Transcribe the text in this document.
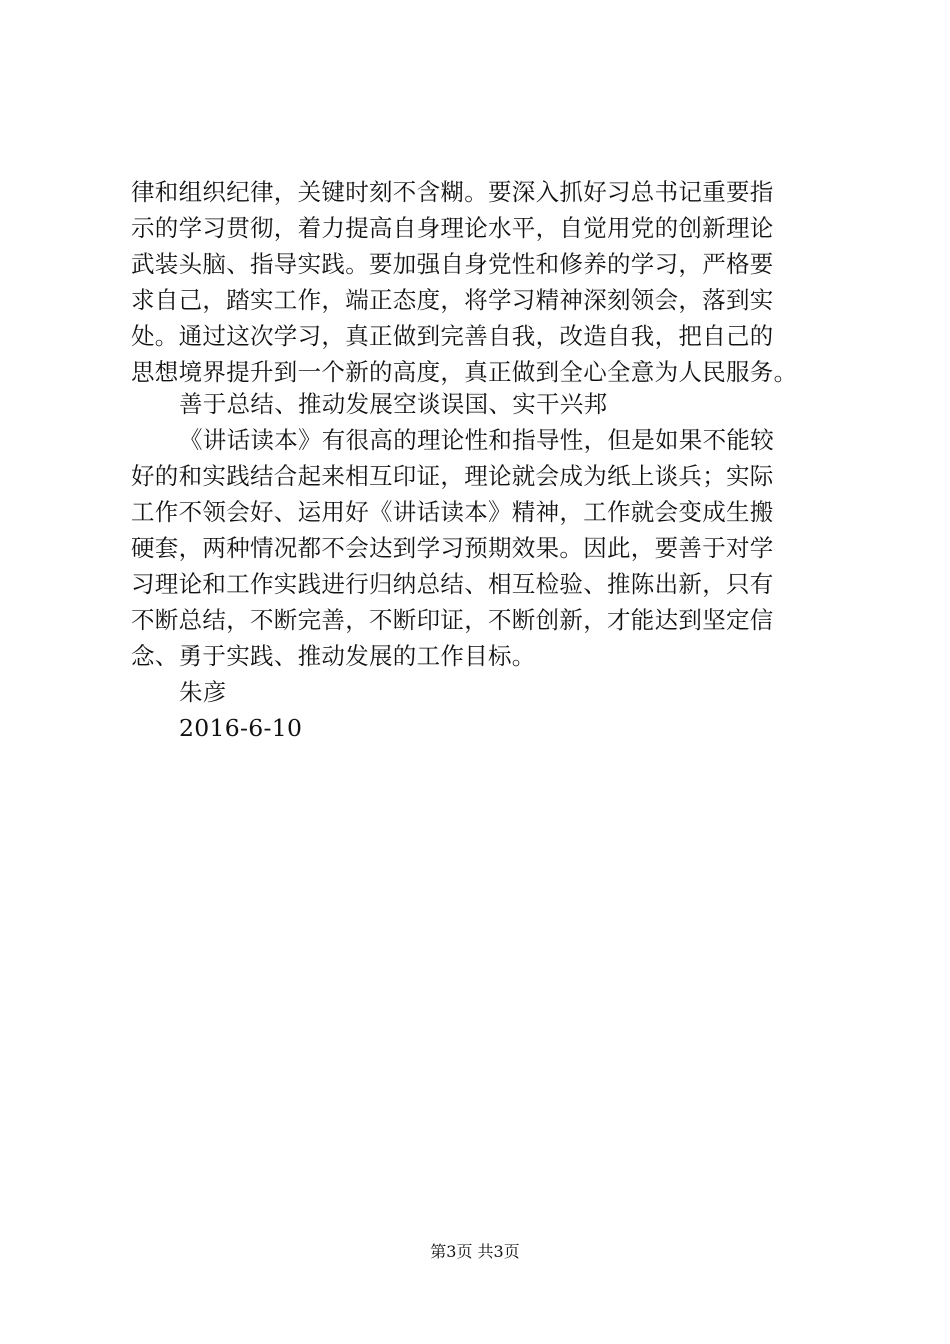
律和组织纪律，关键时刻不含糊。要深入抓好习总书记重要指
示的学习贯彻，着力提高自身理论水平，自觉用党的创新理论
武装头脑、指导实践。要加强自身党性和修养的学习，严格要
求自己，踏实工作，端正态度，将学习精神深刻领会，落到实
处。通过这次学习，真正做到完善自我，改造自我，把自己的
思想境界提升到一个新的高度，真正做到全心全意为人民服务。
善于总结、推动发展空谈误国、实干兴邦
《讲话读本》有很高的理论性和指导性，但是如果不能较
好的和实践结合起来相互印证，理论就会成为纸上谈兵；实际
工作不领会好、运用好《讲话读本》精神，工作就会变成生搬
硬套，两种情况都不会达到学习预期效果。因此，要善于对学
习理论和工作实践进行归纳总结、相互检验、推陈出新，只有
不断总结，不断完善，不断印证，不断创新，才能达到坚定信
念、勇于实践、推动发展的工作目标。
朱彦
2016-6-10
第3页 共3页
